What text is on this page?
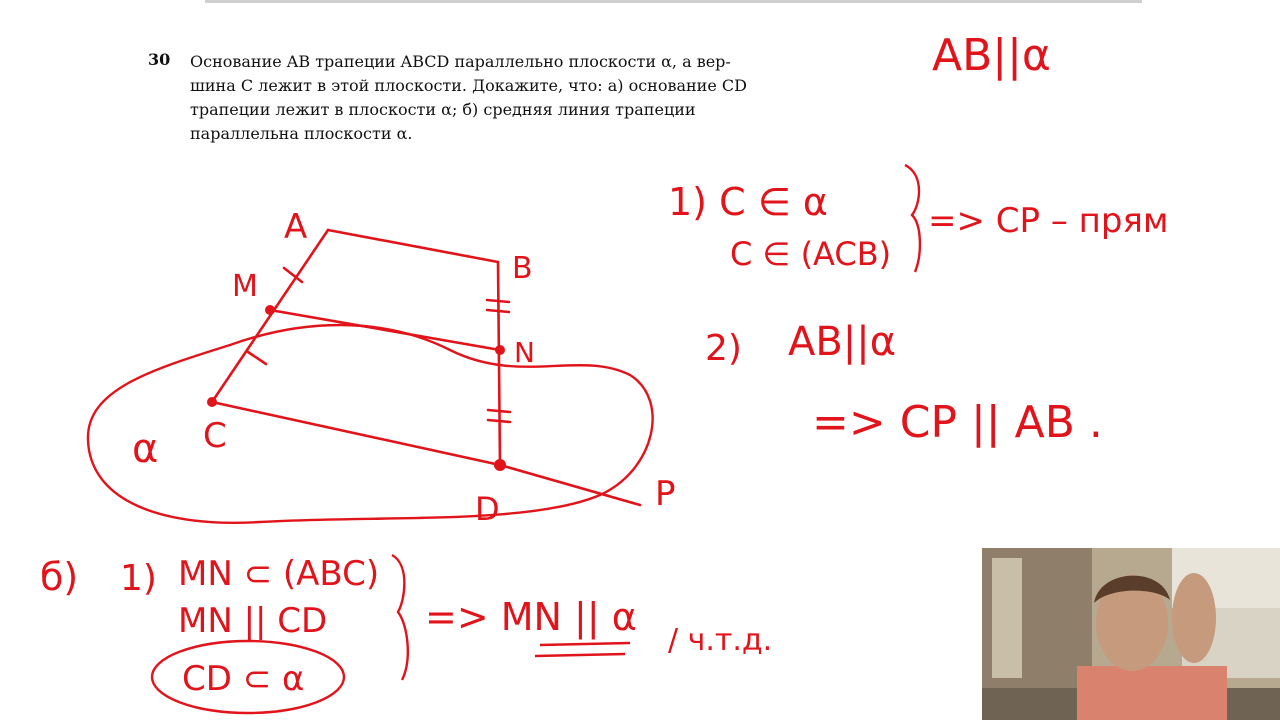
30 Основание AB трапеции ABCD параллельно плоскости α, а вер-
шина C лежит в этой плоскости. Докажите, что: а) основание CD
трапеции лежит в плоскости α; б) средняя линия трапеции
параллельна плоскости α.
A
B
M
N
C
D	P
α
AB||α
1) C ∈ α
C ∈ (ACB)
=> CP – прям
2) AB||α
=> CP || AB .
б) 1) MN ⊂ (ABC)
MN || CD
CD ⊂ α
=> MN || α
/ ч.т.д.
